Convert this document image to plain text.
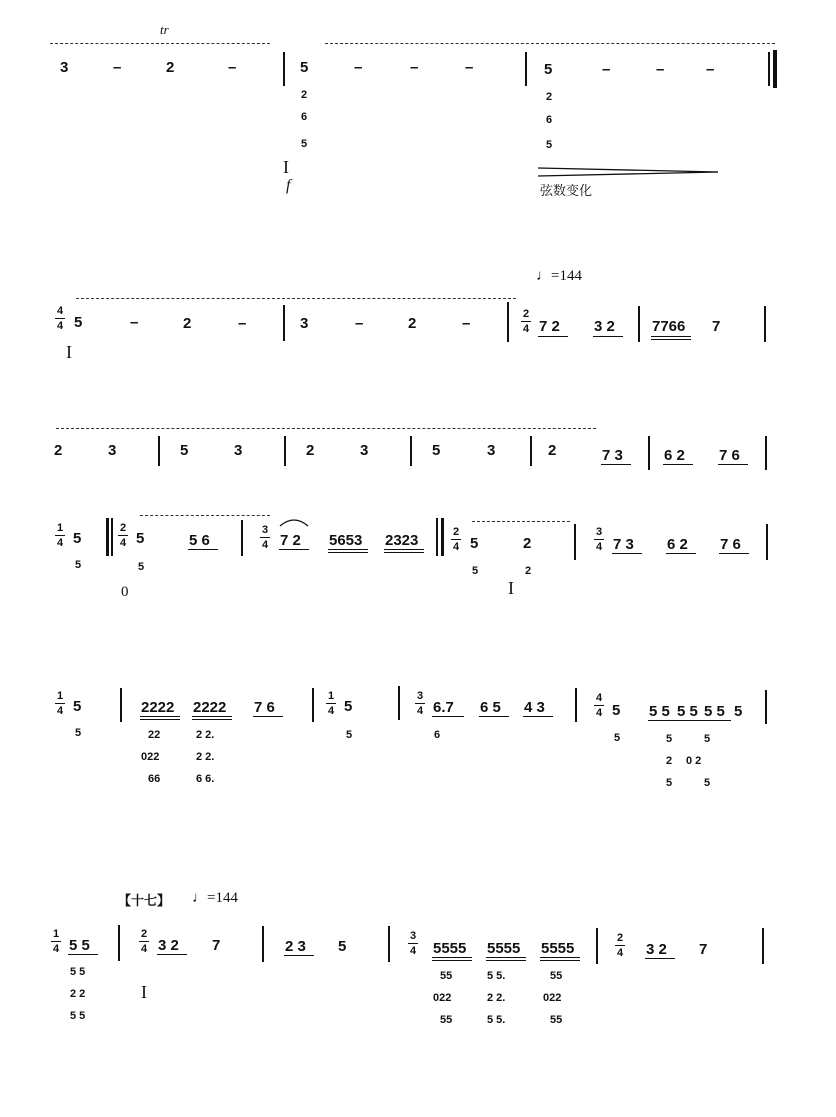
tr
3	–	2	–	5	–	–	–	5	–	–	–
2
6
5
I
f
2
6
5
弦数变化
♩=144
4
4 5	–	2	–	3	–	2	–
I
2
4 7 2 3 2 7766 7
2	3	5	3	2	3	5	3	2	7 3	6 2 7 6
1
4 5
5
2
4 5
5
0
5 6
3
4 7 2 5653 2323	2
4 5
5
2
2
I
3
4 7 3 6 2 7 6
1
4 5
5
2222 2222 7 6
22
022
66
2 2.
2 2.
6 6.
1
4 5
5
3
4 6.7
6
6 5 4 3
4
4 5
5
5 5 5 5 5 5 5
5
2
5
5
0 2
5
【十七】 ♩=144
1
4 5 5
5 5
2 2
5 5
2
4 3 2 7
I
2 3 5
3
4 5555 5555 5555
55
022
55
5 5.
2 2.
5 5.
55
022
55
2
4 3 2 7
